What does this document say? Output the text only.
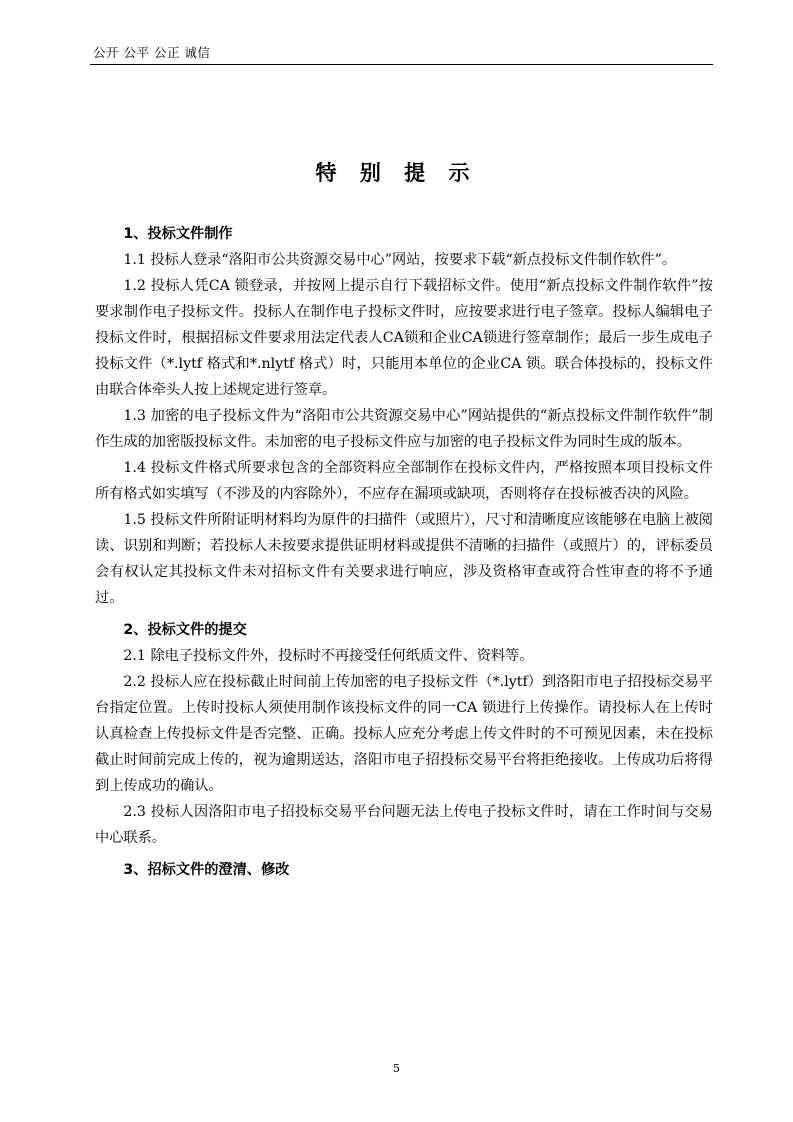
公开 公平 公正 诚信
特 别 提 示

1、投标文件制作

1.1 投标人登录“洛阳市公共资源交易中心”网站，按要求下载“新点投标文件制作软件”。

1.2 投标人凭CA 锁登录，并按网上提示自行下载招标文件。使用“新点投标文件制作软件”按要求制作电子投标文件。投标人在制作电子投标文件时，应按要求进行电子签章。投标人编辑电子投标文件时，根据招标文件要求用法定代表人CA锁和企业CA锁进行签章制作；最后一步生成电子投标文件（*.lytf 格式和*.nlytf 格式）时，只能用本单位的企业CA 锁。联合体投标的，投标文件由联合体牵头人按上述规定进行签章。

1.3 加密的电子投标文件为“洛阳市公共资源交易中心”网站提供的“新点投标文件制作软件”制作生成的加密版投标文件。未加密的电子投标文件应与加密的电子投标文件为同时生成的版本。

1.4 投标文件格式所要求包含的全部资料应全部制作在投标文件内，严格按照本项目投标文件所有格式如实填写（不涉及的内容除外），不应存在漏项或缺项，否则将存在投标被否决的风险。

1.5 投标文件所附证明材料均为原件的扫描件（或照片），尺寸和清晰度应该能够在电脑上被阅读、识别和判断；若投标人未按要求提供证明材料或提供不清晰的扫描件（或照片）的，评标委员会有权认定其投标文件未对招标文件有关要求进行响应，涉及资格审查或符合性审查的将不予通过。

2、投标文件的提交

2.1 除电子投标文件外，投标时不再接受任何纸质文件、资料等。

2.2 投标人应在投标截止时间前上传加密的电子投标文件（*.lytf）到洛阳市电子招投标交易平台指定位置。上传时投标人须使用制作该投标文件的同一CA 锁进行上传操作。请投标人在上传时认真检查上传投标文件是否完整、正确。投标人应充分考虑上传文件时的不可预见因素，未在投标截止时间前完成上传的，视为逾期送达，洛阳市电子招投标交易平台将拒绝接收。上传成功后将得到上传成功的确认。

2.3 投标人因洛阳市电子招投标交易平台问题无法上传电子投标文件时，请在工作时间与交易中心联系。

3、招标文件的澄清、修改

5
